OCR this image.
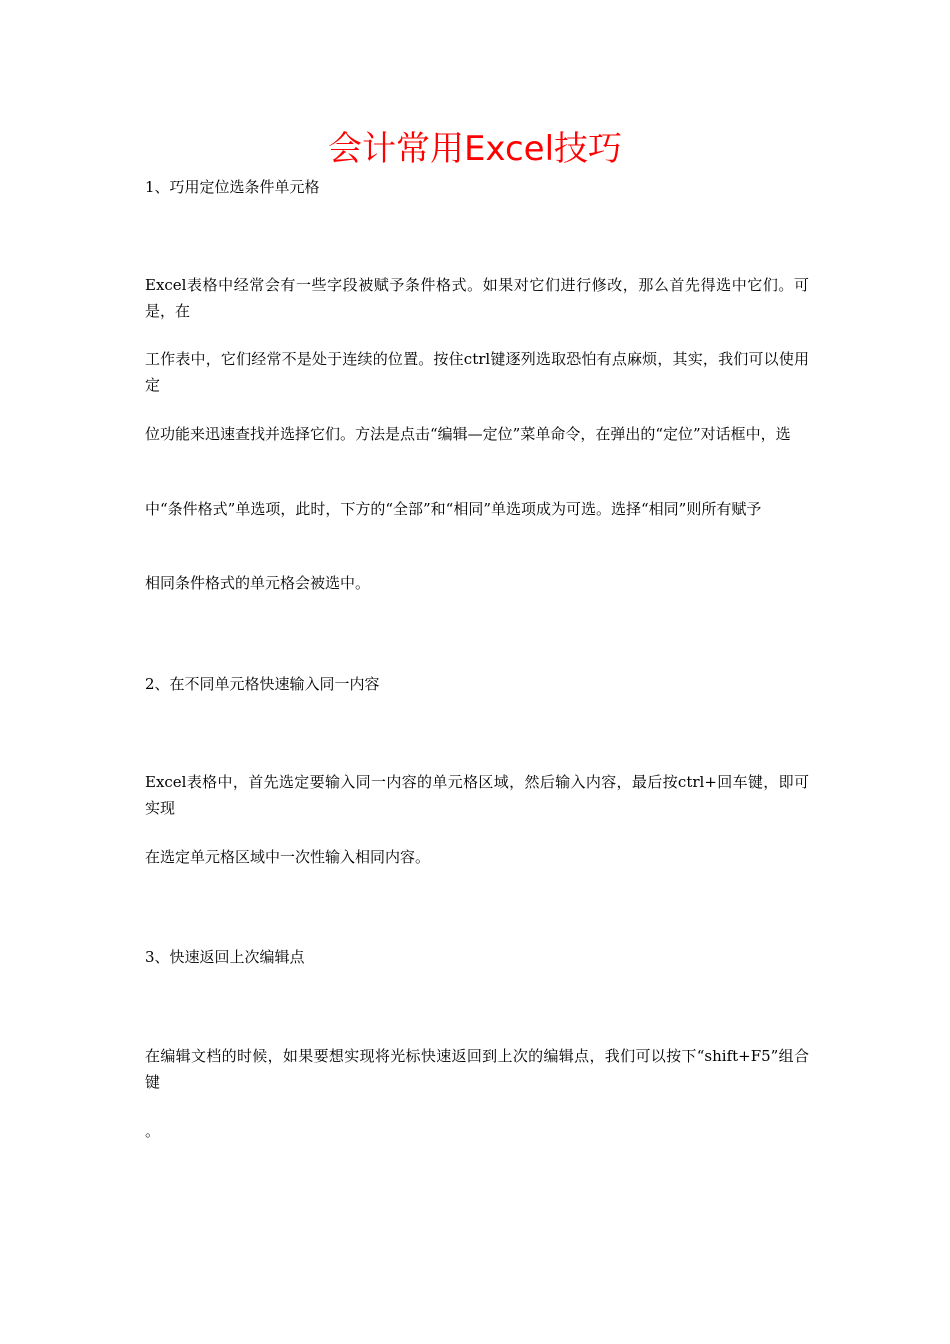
会计常用Excel技巧
1、巧用定位选条件单元格
Excel表格中经常会有一些字段被赋予条件格式。如果对它们进行修改，那么首先得选中它们。可是，在
工作表中，它们经常不是处于连续的位置。按住ctrl键逐列选取恐怕有点麻烦，其实，我们可以使用定
位功能来迅速查找并选择它们。方法是点击“编辑—定位”菜单命令，在弹出的“定位”对话框中，选
中“条件格式”单选项，此时，下方的“全部”和“相同”单选项成为可选。选择“相同”则所有赋予
相同条件格式的单元格会被选中。
2、在不同单元格快速输入同一内容
Excel表格中，首先选定要输入同一内容的单元格区域，然后输入内容，最后按ctrl+回车键，即可实现
在选定单元格区域中一次性输入相同内容。
3、快速返回上次编辑点
在编辑文档的时候，如果要想实现将光标快速返回到上次的编辑点，我们可以按下“shift+F5”组合键
。
